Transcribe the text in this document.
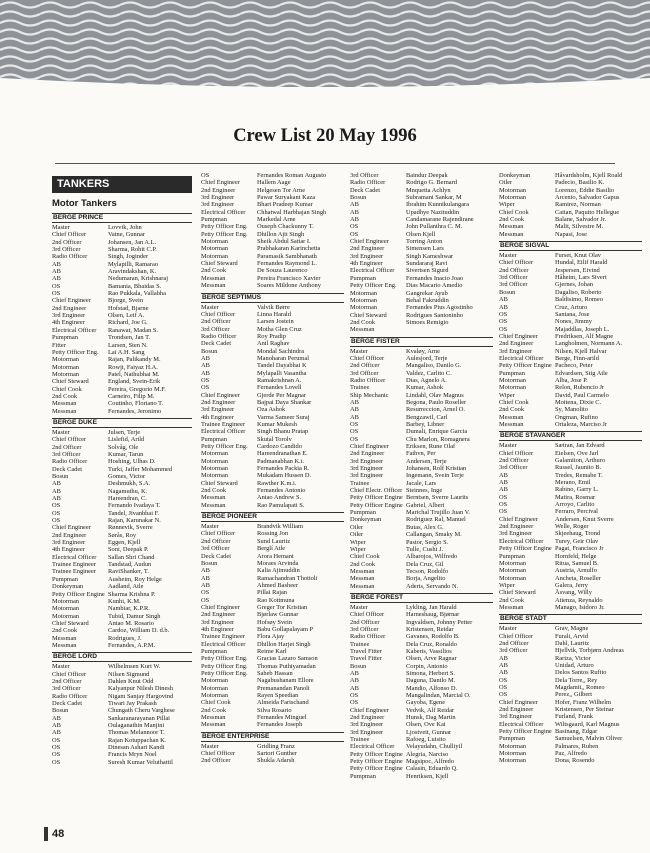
Crew List 20 May 1996
TANKERS
Motor Tankers
BERGE PRINCE
Master	Lovvik, John
Chief Officer	Vatne, Gunnar
2nd Officer	Johansen, Jan A.L.
3rd Officer	Sharma, Rohit C.P.
Radio Officer	Singh, Joginder
AB	Mylapilli, Ramarao
AB	Aravindakshan, K.
AB	Nedumaran, Krishnaraj
OS	Bamania, Bhaidas S.
OS	Rao Pukkala, Vallabha
Chief Engineer	Bjorge, Svein
2nd Engineer	Hofstad, Bjarne
3rd Engineer	Olsen, Leif A.
4th Engineer	Richard, Joe G.
Electrical Officer	Ranawat, Madan S.
Pumpman	Trondsen, Jan T.
Fitter	Larsen, Sten N.
Petty Officer Eng.	Lai A.H. Sang
Motorman	Rajan, Palikandy M.
Motorman	Rowji, Faiyaz H.A.
Motorman	Patel, Nathubhai M.
Chief Steward	England, Svein-Erik
Chief Cook	Pereira, Gregorio M.F.
2nd Cook	Carneiro, Filip M.
Messman	Coutinho, Floriano T.
Messman	Fernandes, Jeronimo
BERGE DUKE
Master	Julsen, Terje
Chief Officer	Lislefid, Arild
2nd Officer	Solvåg, Ole
3rd Officer	Kumar, Tarun
Radio Officer	Hoshing, Ulhas D.
Deck Cadet	Turki, Jaffer Mohammed
Bosun	Gomes, Victor
AB	Deshmukh, S.A.
AB	Nagamuthu, K.
AB	Hareendran, C.
OS	Fernando Ivadaya T.
OS	Tandel, Jivanbhai F.
OS	Rajan, Karunakar N.
Chief Engineer	Rønnevik, Sverre
2nd Engineer	Sørås, Roy
3rd Engineer	Eggen, Kjell
4th Engineer	Soni, Deepak P.
Electrical Officer	Sallan Shri Chand
Trainee Engineer	Tandstad, Audun
Trainee Engineer	RaviShanker, T.
Pumpman	Ausheim, Roy Helge
Donkeyman	Aadland, Atle
Petty Officer Engine Sharma Krishna P.
Motorman	Kunhi, K.M.
Motorman	Nambiar, K.P.R.
Motorman	Tubid, Damur Singh
Chief Steward	Antao M. Rosario
2nd Cook	Cardoz, William D. d.b.
Messman	Rodrigues, J.
Messman	Fernandes, A.P.M.
BERGE LORD
Master	Wilhelmsen Kurt W.
Chief Officer	Nilsen Sigmund
2nd Officer	Dahlen Knut Odd
3rd Officer	Kalyanpur Nilesh Dinesh
Radio Officer	Nigam Sanjay Hargovind
Deck Cadet	Tiwari Jay Prakash
Bosun	Chungath Cheru Varghese
AB	Sankaranarayanan Pillai
AB	Oulaganathin Manjini
AB	Thomas Melannoor T.
OS	Rajan Kotuppachan K.
OS	Dinesan Ashari Kandi
OS	Francis Mryn Noel
OS	Suresh Kumar Veluthattil
OS	Fernandes Roman Augusto
Chief Engineer	Hallem Aage
2nd Engineer	Helgesen Tor Arne
3rd Engineer	Pawar Suryakant Kaza
3rd Engineer	Bhart Pradeep Kumar
Electrical Officer	Chhatwal Harbhajan Singh
Pumpman	Markedal Arne
Petty Officer Eng.	Ouseph Chackunny T.
Petty Officer Eng.	Dhillon Ajit Singh
Motorman	Sheik Abdul Sattar I.
Motorman	Prabhakaran Karinchetta
Motorman	Paramasik Sambhanath
Chief Steward	Fernandes Raymond L.
2nd Cook	De Souza Laurenco
Messman	Pereira Francisco Xavier
Messman	Soares Mildone Anthony
BERGE SEPTIMUS
Master	Valvik Børre
Chief Officer	Linna Harald
2nd Officer	Larsen Jostein
3rd Officer	Motha Glen Cruz
Radio Officer	Roy Pradip
Deck Cadet	Anil Raghav
Bosun	Mondal Sachindra
AB	Manoharan Perumal
AB	Tandel Dayabhai K
AB	Mylapalli Vasantha
OS	Ramakrishnan A.
OS	Fernandes Lovell
Chief Engineer	Gjerde Per Magnar
2nd Engineer	Bajpai Daya Shankar
3rd Engineer	Oza Ashok
4th Engineer	Varma Sameer Suraj
Trainee Engineer	Kumar Mukesh
Electrical Officer	Singh Bhanu Pratap
Pumpman	Skutal Torolv
Petty Officer Eng.	Cardozo Candido
Motorman	Hareendranathan E.
Motorman	Padmanabhan K.t.
Motorman	Fernandes Packia R.
Motorman	Mukadam Hussen D.
Chief Steward	Rawther K.m.i.
2nd Cook	Fernandes Antonio
Messman	Antao Andrew S.
Messman	Rao Pamulapati S.
BERGE PIONEER
Master	Brandvik William
Chief Officer	Rossing Jon
2nd Officer	Sund Lauritz
3rd Officer	Berglí Atle
Deck Cadet	Arora Hemant
Bosun	Moraes Arvinda
AB	Kalia Ajimuddin
AB	Ramachandran Thottoli
AB	Ahmed Basheer
OS	Pillai Rajan
OS	Rao Kottmuna
Chief Engineer	Greger Tor Kristian
2nd Engineer	Bjørlaw Gunnar
3rd Engineer	Hofsøy Svein
4th Engineer	Babu Gollapalayam P
Trainee Engineer	Flora Ajay
Electrical Officer	Dhillon Harjet Singh
Pumpman	Reime Karl
Petty Officer Eng.	Gracias Lazaro Samson
Petty Officer Eng.	Thomas Puthiyamadan
Petty Officer Eng.	Saheb Hassan
Motorman	Nagabushanam Ellore
Motorman	Premanandan Panoli
Motorman	Rayen Speedian
Chief Cook	Almeida Farischand
2nd Cook	Silva Rosario
Messman	Fernandes Minguel
Messman	Fernandes Joseph
BERGE ENTERPRISE
Master	Gridling Franz
Chief Officer	Sartori Gunther
2nd Officer	Shukla Adarsh
3rd Officer	Baindur Deepak
Radio Officer	Rodrigo G. Bernard
Deck Cadet	Mnquetta Achlyn
Bosun	Subramani Sankar, M
AB	Ibrahim Kunnikulangara
AB	Upadhye Nazituddin
AB	Candamarane Rajendirane
OS	John Pullanthra C. M.
OS	Olsen Kjell
Chief Engineer	Torring Anton
2nd Engineer	Simensen Lars
3rd Engineer	Singh Kameshwar
4th Engineer	Sundararaj Ravi
Electrical Officer	Sivertsen Sigurd
Pumpman	Fernandes Inacio Joao
Petty Officer Eng.	Dias Macario Amedio
Motorman	Gangrekar Ayub
Motorman	Behal Fakruddin
Motorman	Fernandes Pius Agostinho
Chief Steward	Rodrigues Santoninho
2nd Cook	Simoes Remigio
Messman
BERGE FISTER
Master	Kvaløy, Arne
Chief Officer	Aulesjord, Terje
2nd Officer	Mangaliso, Danilo G.
3rd Officer	Valdez, Carlito C.
Radio Officer	Dias, Agnelo A.
Trainee	Kumar, Ashok
Ship Mechanic	Lindahl, Olav Magnus
AB	Begona, Paulo Roseller
AB	Resurreccion, Arnel O.
AB	Bengzawil, Carl
OS	Barbey, Libner
OS	Dumali, Enrique Garcia
OS	Chu Marlon, Romagnera
Chief Engineer	Eriksen, Rune Olaf
2nd Engineer	Fathvn, Per
3rd Engineer	Andersen, Terje
3rd Engineer	Johansen, Rolf Kristian
3rd Engineer	Ingemann, Svein Terje
Trainee	Jacale, Lars
Chief Electr. Officer Steinnes, Inge
Petty Officer Engine Berntsen, Sverre Laurits
Petty Officer Engine Gabriel, Albert
Pumpman	Marichal Trujillo Juan V.
Donkeyman	Rodriguez Ral, Manuel
Oiler	Butas, Alex G.
Oiler	Callangan, Smaky M.
Wiper	Pastor, Sergio S.
Wiper	Tulle, Cushi J.
Chief Cook	Albarojos, Wilfredo
2nd Cook	Dela Cruz, Gil
Messman	Tecson, Rodolfo
Messman	Borja, Angelito
Messman	Aderis, Servando N.
BERGE FOREST
Master	Lykling, Jan Harald
Chief Officer	Harneshaug, Bjørnar
2nd Officer	Ingvaldsen, Johnny Petter
3rd Officer	Kristensen, Reidar
Radio Officer	Gavanes, Rodolfo B.
Trainee	Dela Cruz, Ronaldo
Travel Fitter	Kaberis, Vassilios
Travel Fitter	Olsen, Arve Ragnar
Bosun	Corpin, Antonio
AB	Simona, Herbert S.
AB	Daguna, Danilo M.
AB	Mandio, Alfonso D.
OS	Mangalindan, Marcial O.
OS	Gayoba, Egene
Chief Engineer	Vedvik, Alf Reidar
2nd Engineer	Hunsk, Dag Martin
3rd Engineer	Olsen, Ove Kai
3rd Engineer	Ljostveit, Gunnar
Trainee	Rafoeg, Luisito
Electrical Officer	Velayudahn, Chulliyil
Petty Officer Engine Alegria, Narciso
Petty Officer Engine Magsipoc, Alfredo
Petty Officer Engine Calasin, Eduardo Q.
Pumpman	Henriksen, Kjell
Donkeyman	Håvardsholm, Kjell Roald
Oiler	Padecio, Basilio K.
Motorman	Lorenzo, Eddie Basilio
Motorman	Arcenio, Salvador Gapus
Wiper	Ramirez, Norman
Chief Cook	Caitan, Paquito Hellegue
2nd Cook	Balane, Salvador Jr.
Messman	Malit, Silvestre M.
Messman	Napasi, Jose
BERGE SIGVAL
Master	Furset, Knut Olav
Chief Officer	Hundal, Eilif Harald
2nd Officer	Jespersen, Eivind
3rd Officer	Håheim, Lars Sivert
3rd Officer	Gjernes, Johan
Bosun	Dagaliso, Roberto
AB	Baldisimo, Romeo
AB	Cruz, Arturo
OS	Santana, Jose
OS	Nones, Jimmy
OS	Majaddlas, Joseph L.
Chief Engineer	Fredriksen, Alf Magne
2nd Engineer	Langholmen, Normann A.
3rd Engineer	Nilsen, Kjell Halvar
Electrical Officer	Berge, Finn-arild
Petty Officer Engine Pacheco, Peter
Pumpman	Edvardsen, Stig Atle
Motorman	Alba, Jose P.
Motorman	Relon, Rubencio Jr
Wiper	David, Paul Carmelo
Chief Cook	Moitena, Dixie C.
2nd Cook	Sy, Manolito
Messman	Ongman, Rufino
Messman	Ortaleza, Marciso Jr
BERGE STAVANGER
Master	Sætran, Jan Edvard
Chief Officer	Eielsen, Ove Jarl
2nd Officer	Galamiton, Arthuro
3rd Officer	Russel, Jaunito B.
AB	Tredes, Remabe T.
AB	Merano, Emil
AB	Rabino, Garry L.
OS	Matira, Rosmar
OS	Arroyo, Carlito
OS	Ferraro, Percival
Chief Engineer	Andersen, Knut Sverre
2nd Engineer	Welle, Roger
3rd Engineer	Skjeehaug, Trond
Electrical Officer	Turey, Geir Olav
Petty Officer Engine Pagat, Francisco Jr
Pumpman	Hornfeld, Helge
Motorman	Ritua, Samuel B.
Motorman	Austria, Arnulfo
Motorman	Ancheta, Roseller
Wiper	Galera, Jerry
Chief Steward	Åsvang, Willy
2nd Cook	Atienza, Reynaldo
Messman	Manago, Isidoro Jr.
BERGE STADT
Master	Grav, Magne
Chief Officer	Furali, Arvid
2nd Officer	Dahl, Lauritz
3rd Officer	Hjellvik, Torbjørn Andreas
AB	Rariza, Victor
AB	Unidad, Arturo
AB	Delos Santos Rufito
OS	Dela Torre,, Rey
OS	Magdamit,, Romeo
OS	Perez,, Gilbert
Chief Engineer	Hofer, Franz Wilhelm
2nd Engineer	Kristensen, Per Steinar
3rd Engineer	Furland, Frank
Electrical Officer	Wiltsgaard, Karl Magnus
Petty Officer Engine Basinang, Edgar
Pumpman	Samuelsen, Malvin Oliver
Motorman	Palmares, Ruben
Motorman	Paz, Alfredo
Motorman	Dona, Rosendo
48
